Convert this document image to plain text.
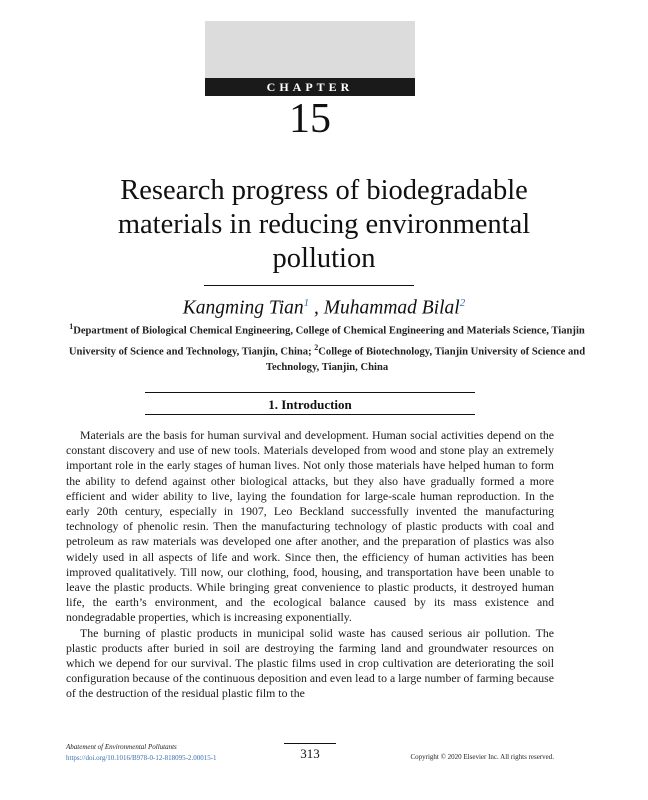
CHAPTER
15
Research progress of biodegradable
materials in reducing environmental
pollution
Kangming Tian$^1$ , Muhammad Bilal$^2$
$^1$Department of Biological Chemical Engineering, College of Chemical Engineering and Materials Science, Tianjin University of Science and Technology, Tianjin, China; $^2$College of Biotechnology, Tianjin University of Science and Technology, Tianjin, China
1. Introduction

Materials are the basis for human survival and development. Human social activities depend on the constant discovery and use of new tools. Materials developed from wood and stone play an extremely important role in the early stages of human lives. Not only those materials have helped human to form the ability to defend against other biological attacks, but they also have gradually formed a more efficient and wider ability to live, laying the foundation for large-scale human reproduction. In the early 20th century, especially in 1907, Leo Beckland successfully invented the manufacturing technology of phenolic resin. Then the manufacturing technology of plastic products with coal and petroleum as raw materials was developed one after another, and the preparation of plastics was also widely used in all aspects of life and work. Since then, the efficiency of human activities has been improved qualitatively. Till now, our clothing, food, housing, and transportation have been unable to leave the plastic products. While bringing great convenience to plastic products, it destroyed human life, the earth’s environment, and the ecological balance caused by its mass existence and nondegradable properties, which is increasing exponentially.

The burning of plastic products in municipal solid waste has caused serious air pollution. The plastic products after buried in soil are destroying the farming land and groundwater resources on which we depend for our survival. The plastic films used in crop cultivation are deteriorating the soil configuration because of the continuous deposition and even lead to a large number of farming because of the destruction of the residual plastic film to the

Abatement of Environmental Pollutants
https://doi.org/10.1016/B978-0-12-818095-2.00015-1	313	Copyright © 2020 Elsevier Inc. All rights reserved.
